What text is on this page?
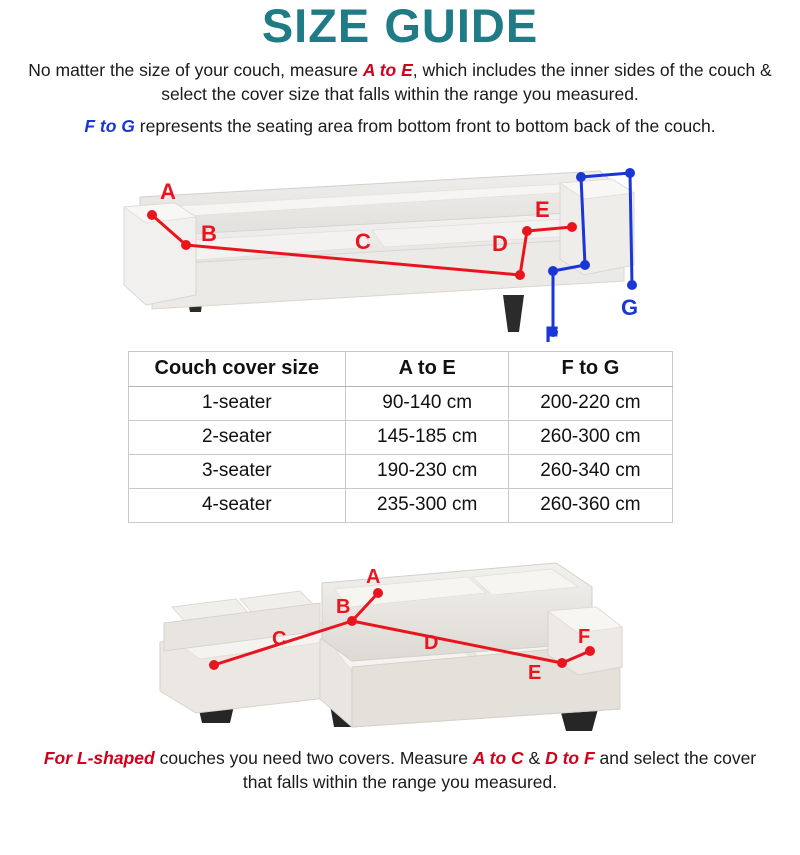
SIZE GUIDE
No matter the size of your couch, measure A to E, which includes the inner sides of the couch & select the cover size that falls within the range you measured.
F to G represents the seating area from bottom front to bottom back of the couch.
A
B	C	D
E
F
G
Couch cover size	A to E	F to G
1-seater	90-140 cm	200-220 cm
2-seater	145-185 cm	260-300 cm
3-seater	190-230 cm	260-340 cm
4-seater	235-300 cm	260-360 cm
A
B
C	D
E
F
For L-shaped couches you need two covers. Measure A to C & D to F and select the cover that falls within the range you measured.
